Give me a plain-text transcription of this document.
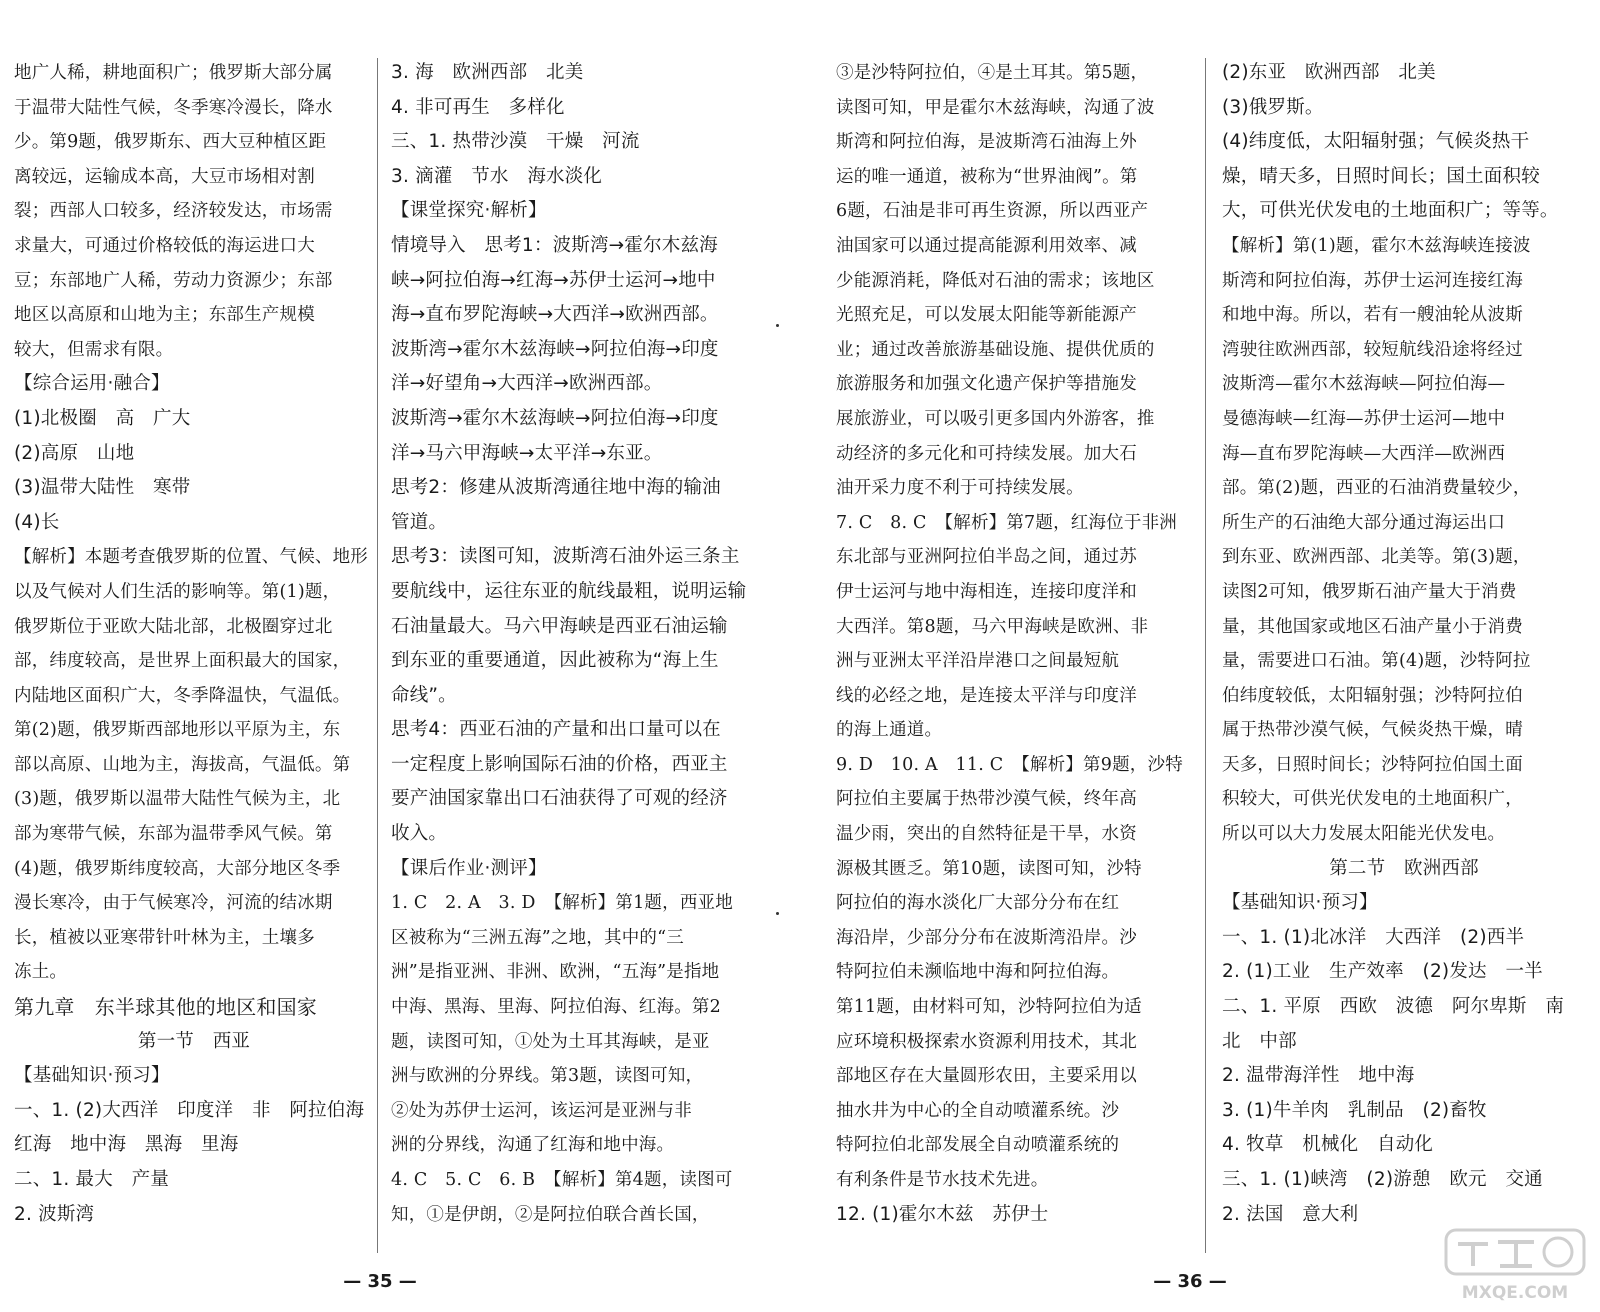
地广人稀，耕地面积广；俄罗斯大部分属
于温带大陆性气候，冬季寒冷漫长，降水
少。第9题，俄罗斯东、西大豆种植区距
离较远，运输成本高，大豆市场相对割
裂；西部人口较多，经济较发达，市场需
求量大，可通过价格较低的海运进口大
豆；东部地广人稀，劳动力资源少；东部
地区以高原和山地为主；东部生产规模
较大，但需求有限。
【综合运用·融合】
(1)北极圈　高　广大
(2)高原　山地
(3)温带大陆性　寒带
(4)长
【解析】本题考查俄罗斯的位置、气候、地形
以及气候对人们生活的影响等。第(1)题，
俄罗斯位于亚欧大陆北部，北极圈穿过北
部，纬度较高，是世界上面积最大的国家，
内陆地区面积广大，冬季降温快，气温低。
第(2)题，俄罗斯西部地形以平原为主，东
部以高原、山地为主，海拔高，气温低。第
(3)题，俄罗斯以温带大陆性气候为主，北
部为寒带气候，东部为温带季风气候。第
(4)题，俄罗斯纬度较高，大部分地区冬季
漫长寒冷，由于气候寒冷，河流的结冰期
长，植被以亚寒带针叶林为主，土壤多
冻土。
第九章　东半球其他的地区和国家
第一节　西亚
【基础知识·预习】
一、1. (2)大西洋　印度洋　非　阿拉伯海
红海　地中海　黑海　里海
二、1. 最大　产量
2. 波斯湾
3. 海　欧洲西部　北美
4. 非可再生　多样化
三、1. 热带沙漠　干燥　河流
3. 滴灌　节水　海水淡化
【课堂探究·解析】
情境导入　思考1：波斯湾→霍尔木兹海
峡→阿拉伯海→红海→苏伊士运河→地中
海→直布罗陀海峡→大西洋→欧洲西部。
波斯湾→霍尔木兹海峡→阿拉伯海→印度
洋→好望角→大西洋→欧洲西部。
波斯湾→霍尔木兹海峡→阿拉伯海→印度
洋→马六甲海峡→太平洋→东亚。
思考2：修建从波斯湾通往地中海的输油
管道。
思考3：读图可知，波斯湾石油外运三条主
要航线中，运往东亚的航线最粗，说明运输
石油量最大。马六甲海峡是西亚石油运输
到东亚的重要通道，因此被称为“海上生
命线”。
思考4：西亚石油的产量和出口量可以在
一定程度上影响国际石油的价格，西亚主
要产油国家靠出口石油获得了可观的经济
收入。
【课后作业·测评】
1. C　2. A　3. D　【解析】第1题，西亚地
区被称为“三洲五海”之地，其中的“三
洲”是指亚洲、非洲、欧洲，“五海”是指地
中海、黑海、里海、阿拉伯海、红海。第2
题，读图可知，①处为土耳其海峡，是亚
洲与欧洲的分界线。第3题，读图可知，
②处为苏伊士运河，该运河是亚洲与非
洲的分界线，沟通了红海和地中海。
4. C　5. C　6. B　【解析】第4题，读图可
知，①是伊朗，②是阿拉伯联合酋长国，
— 35 —
③是沙特阿拉伯，④是土耳其。第5题，
读图可知，甲是霍尔木兹海峡，沟通了波
斯湾和阿拉伯海，是波斯湾石油海上外
运的唯一通道，被称为“世界油阀”。第
6题，石油是非可再生资源，所以西亚产
油国家可以通过提高能源利用效率、减
少能源消耗，降低对石油的需求；该地区
光照充足，可以发展太阳能等新能源产
业；通过改善旅游基础设施、提供优质的
旅游服务和加强文化遗产保护等措施发
展旅游业，可以吸引更多国内外游客，推
动经济的多元化和可持续发展。加大石
油开采力度不利于可持续发展。
7. C　8. C　【解析】第7题，红海位于非洲
东北部与亚洲阿拉伯半岛之间，通过苏
伊士运河与地中海相连，连接印度洋和
大西洋。第8题，马六甲海峡是欧洲、非
洲与亚洲太平洋沿岸港口之间最短航
线的必经之地，是连接太平洋与印度洋
的海上通道。
9. D　10. A　11. C　【解析】第9题，沙特
阿拉伯主要属于热带沙漠气候，终年高
温少雨，突出的自然特征是干旱，水资
源极其匮乏。第10题，读图可知，沙特
阿拉伯的海水淡化厂大部分分布在红
海沿岸，少部分分布在波斯湾沿岸。沙
特阿拉伯未濒临地中海和阿拉伯海。
第11题，由材料可知，沙特阿拉伯为适
应环境积极探索水资源利用技术，其北
部地区存在大量圆形农田，主要采用以
抽水井为中心的全自动喷灌系统。沙
特阿拉伯北部发展全自动喷灌系统的
有利条件是节水技术先进。
12. (1)霍尔木兹　苏伊士
(2)东亚　欧洲西部　北美
(3)俄罗斯。
(4)纬度低，太阳辐射强；气候炎热干
燥，晴天多，日照时间长；国土面积较
大，可供光伏发电的土地面积广；等等。
【解析】第(1)题，霍尔木兹海峡连接波
斯湾和阿拉伯海，苏伊士运河连接红海
和地中海。所以，若有一艘油轮从波斯
湾驶往欧洲西部，较短航线沿途将经过
波斯湾—霍尔木兹海峡—阿拉伯海—
曼德海峡—红海—苏伊士运河—地中
海—直布罗陀海峡—大西洋—欧洲西
部。第(2)题，西亚的石油消费量较少，
所生产的石油绝大部分通过海运出口
到东亚、欧洲西部、北美等。第(3)题，
读图2可知，俄罗斯石油产量大于消费
量，其他国家或地区石油产量小于消费
量，需要进口石油。第(4)题，沙特阿拉
伯纬度较低，太阳辐射强；沙特阿拉伯
属于热带沙漠气候，气候炎热干燥，晴
天多，日照时间长；沙特阿拉伯国土面
积较大，可供光伏发电的土地面积广，
所以可以大力发展太阳能光伏发电。
第二节　欧洲西部
【基础知识·预习】
一、1. (1)北冰洋　大西洋　(2)西半
2. (1)工业　生产效率　(2)发达　一半
二、1. 平原　西欧　波德　阿尔卑斯　南
北　中部
2. 温带海洋性　地中海
3. (1)牛羊肉　乳制品　(2)畜牧
4. 牧草　机械化　自动化
三、1. (1)峡湾　(2)游憩　欧元　交通
2. 法国　意大利
— 36 —
MXQE.COM
